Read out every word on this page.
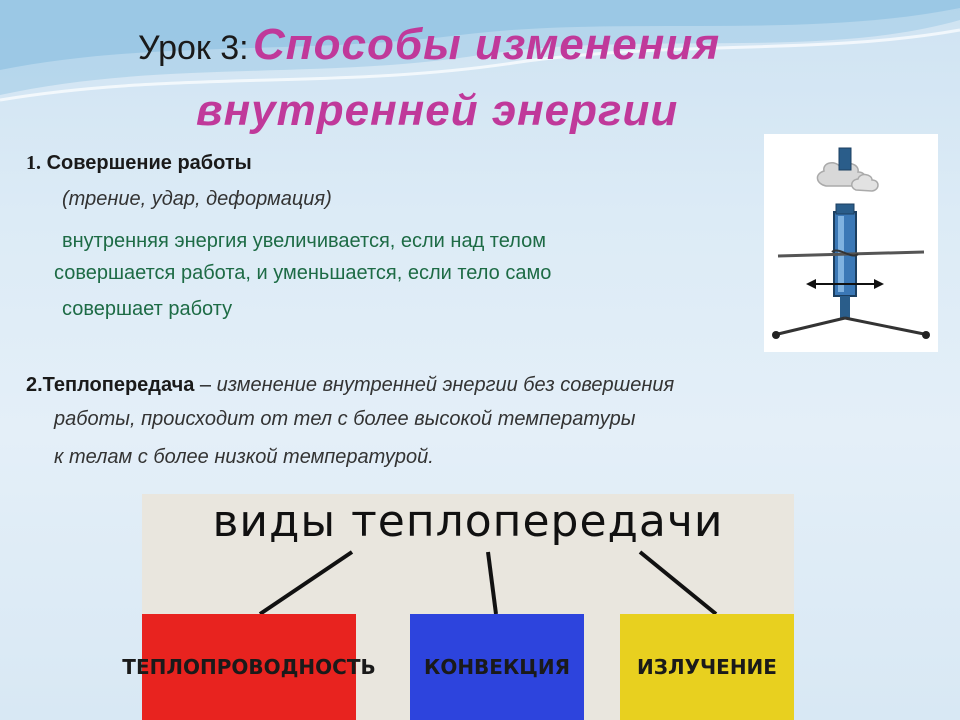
Урок 3: Способы изменения
внутренней энергии
1. Совершение работы
(трение, удар, деформация)
внутренняя энергия увеличивается, если над телом
совершается работа, и уменьшается, если тело само
совершает работу
2.Теплопередача – изменение внутренней энергии без совершения
работы, происходит от тел с более высокой температуры
к телам с более низкой температурой.
виды теплопередачи
ТЕПЛОПРОВОДНОСТЬ	КОНВЕКЦИЯ	ИЗЛУЧЕНИЕ
